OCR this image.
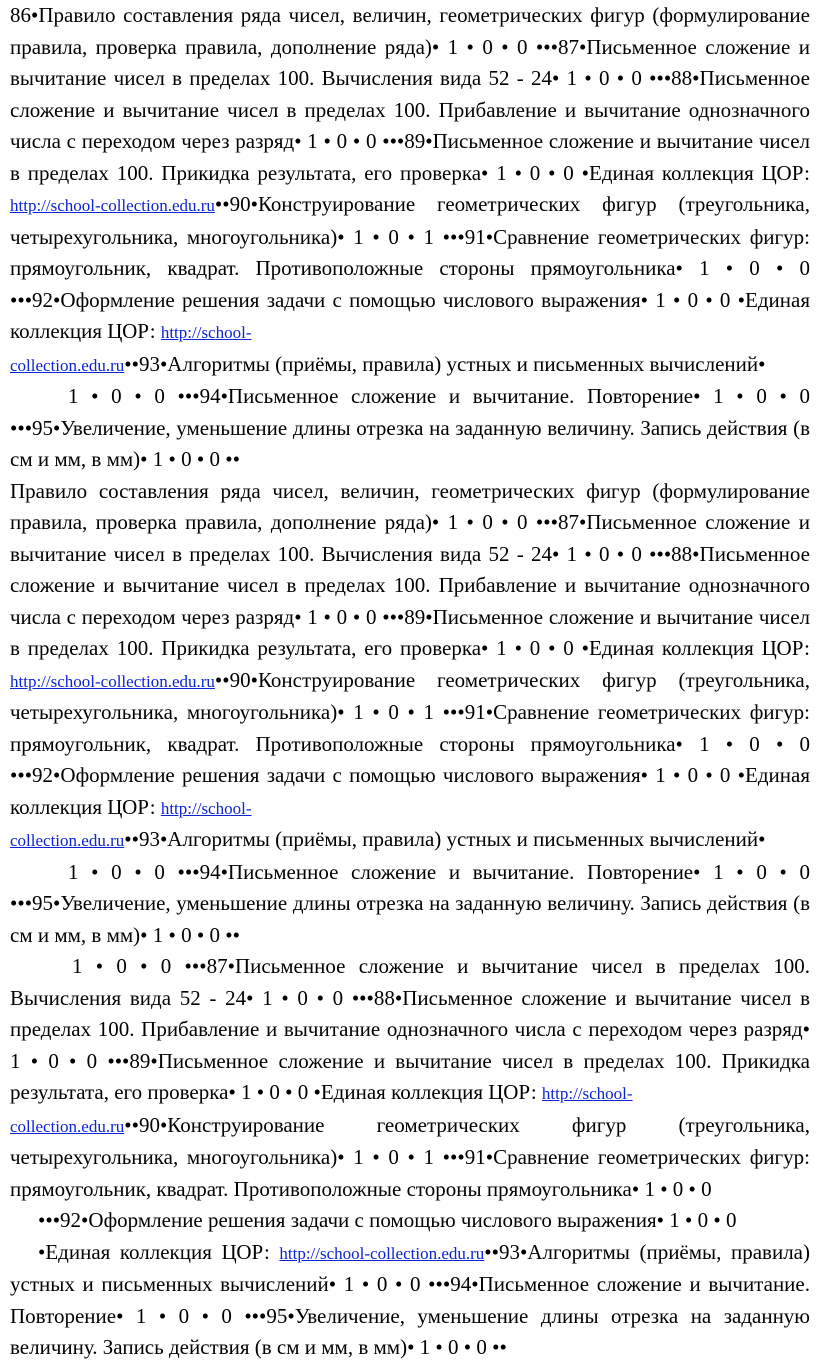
86•Правило составления ряда чисел, величин, геометрических фигур (формулирование правила, проверка правила, дополнение ряда)• 1 • 0 • 0 •••87•Письменное сложение и вычитание чисел в пределах 100. Вычисления вида 52 - 24• 1 • 0 • 0 •••88•Письменное сложение и вычитание чисел в пределах 100. Прибавление и вычитание однозначного числа с переходом через разряд• 1 • 0 • 0 •••89•Письменное сложение и вычитание чисел в пределах 100. Прикидка результата, его проверка• 1 • 0 • 0 •Единая коллекция ЦОР: http://school-collection.edu.ru••90•Конструирование геометрических фигур (треугольника, четырехугольника, многоугольника)• 1 • 0 • 1 •••91•Сравнение геометрических фигур: прямоугольник, квадрат. Противоположные стороны прямоугольника• 1 • 0 • 0 •••92•Оформление решения задачи с помощью числового выражения• 1 • 0 • 0 •Единая коллекция ЦОР: http://school-
collection.edu.ru••93•Алгоритмы (приёмы, правила) устных и письменных вычислений•
1 • 0 • 0 •••94•Письменное сложение и вычитание. Повторение• 1 • 0 • 0 •••95•Увеличение, уменьшение длины отрезка на заданную величину. Запись действия (в см и мм, в мм)• 1 • 0 • 0 ••

Правило составления ряда чисел, величин, геометрических фигур (формулирование правила, проверка правила, дополнение ряда)• 1 • 0 • 0 •••87•Письменное сложение и вычитание чисел в пределах 100. Вычисления вида 52 - 24• 1 • 0 • 0 •••88•Письменное сложение и вычитание чисел в пределах 100. Прибавление и вычитание однозначного числа с переходом через разряд• 1 • 0 • 0 •••89•Письменное сложение и вычитание чисел в пределах 100. Прикидка результата, его проверка• 1 • 0 • 0 •Единая коллекция ЦОР: http://school-collection.edu.ru••90•Конструирование геометрических фигур (треугольника, четырехугольника, многоугольника)• 1 • 0 • 1 •••91•Сравнение геометрических фигур: прямоугольник, квадрат. Противоположные стороны прямоугольника• 1 • 0 • 0 •••92•Оформление решения задачи с помощью числового выражения• 1 • 0 • 0 •Единая коллекция ЦОР: http://school-
collection.edu.ru••93•Алгоритмы (приёмы, правила) устных и письменных вычислений•
1 • 0 • 0 •••94•Письменное сложение и вычитание. Повторение• 1 • 0 • 0 •••95•Увеличение, уменьшение длины отрезка на заданную величину. Запись действия (в см и мм, в мм)• 1 • 0 • 0 ••

1 • 0 • 0 •••87•Письменное сложение и вычитание чисел в пределах 100. Вычисления вида 52 - 24• 1 • 0 • 0 •••88•Письменное сложение и вычитание чисел в пределах 100. Прибавление и вычитание однозначного числа с переходом через разряд• 1 • 0 • 0 •••89•Письменное сложение и вычитание чисел в пределах 100. Прикидка результата, его проверка• 1 • 0 • 0 •Единая коллекция ЦОР: http://school-
collection.edu.ru••90•Конструирование геометрических фигур (треугольника, четырехугольника, многоугольника)• 1 • 0 • 1 •••91•Сравнение геометрических фигур: прямоугольник, квадрат. Противоположные стороны прямоугольника• 1 • 0 • 0
•••92•Оформление решения задачи с помощью числового выражения• 1 • 0 • 0
•Единая коллекция ЦОР: http://school-collection.edu.ru••93•Алгоритмы (приёмы, правила) устных и письменных вычислений• 1 • 0 • 0 •••94•Письменное сложение и вычитание. Повторение• 1 • 0 • 0 •••95•Увеличение, уменьшение длины отрезка на заданную величину. Запись действия (в см и мм, в мм)• 1 • 0 • 0 ••
